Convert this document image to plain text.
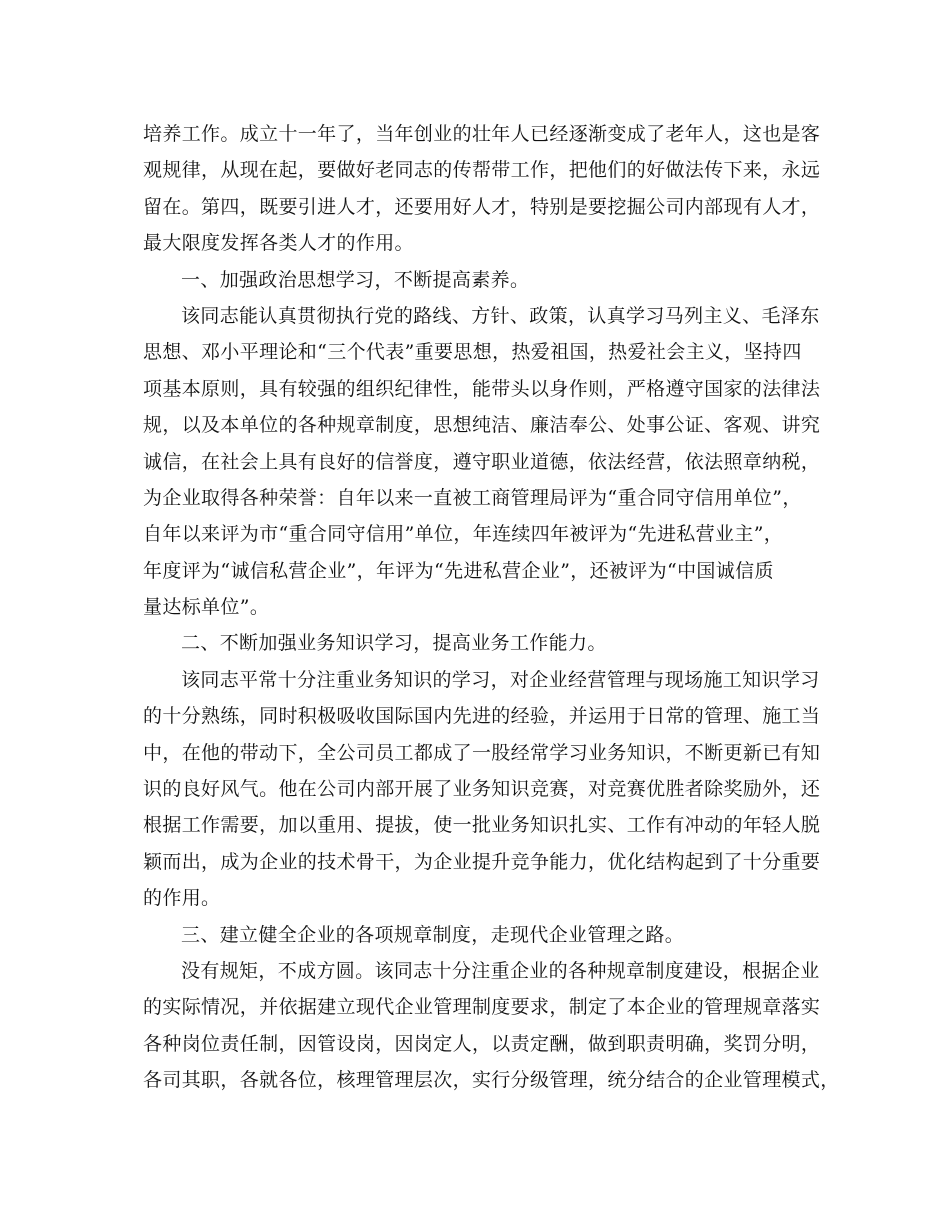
培养工作。成立十一年了，当年创业的壮年人已经逐渐变成了老年人，这也是客
观规律，从现在起，要做好老同志的传帮带工作，把他们的好做法传下来，永远
留在。第四，既要引进人才，还要用好人才，特别是要挖掘公司内部现有人才，
最大限度发挥各类人才的作用。
一、加强政治思想学习，不断提高素养。
该同志能认真贯彻执行党的路线、方针、政策，认真学习马列主义、毛泽东
思想、邓小平理论和“三个代表”重要思想，热爱祖国，热爱社会主义，坚持四
项基本原则，具有较强的组织纪律性，能带头以身作则，严格遵守国家的法律法
规，以及本单位的各种规章制度，思想纯洁、廉洁奉公、处事公证、客观、讲究
诚信，在社会上具有良好的信誉度，遵守职业道德，依法经营，依法照章纳税，
为企业取得各种荣誉：自年以来一直被工商管理局评为“重合同守信用单位”，
自年以来评为市“重合同守信用”单位，年连续四年被评为“先进私营业主”，
年度评为“诚信私营企业”，年评为“先进私营企业”，还被评为“中国诚信质
量达标单位”。
二、不断加强业务知识学习，提高业务工作能力。
该同志平常十分注重业务知识的学习，对企业经营管理与现场施工知识学习
的十分熟练，同时积极吸收国际国内先进的经验，并运用于日常的管理、施工当
中，在他的带动下，全公司员工都成了一股经常学习业务知识，不断更新已有知
识的良好风气。他在公司内部开展了业务知识竞赛，对竞赛优胜者除奖励外，还
根据工作需要，加以重用、提拔，使一批业务知识扎实、工作有冲动的年轻人脱
颖而出，成为企业的技术骨干，为企业提升竞争能力，优化结构起到了十分重要
的作用。
三、建立健全企业的各项规章制度，走现代企业管理之路。
没有规矩，不成方圆。该同志十分注重企业的各种规章制度建设，根据企业
的实际情况，并依据建立现代企业管理制度要求，制定了本企业的管理规章落实
各种岗位责任制，因管设岗，因岗定人，以责定酬，做到职责明确，奖罚分明，
各司其职，各就各位，核理管理层次，实行分级管理，统分结合的企业管理模式，
